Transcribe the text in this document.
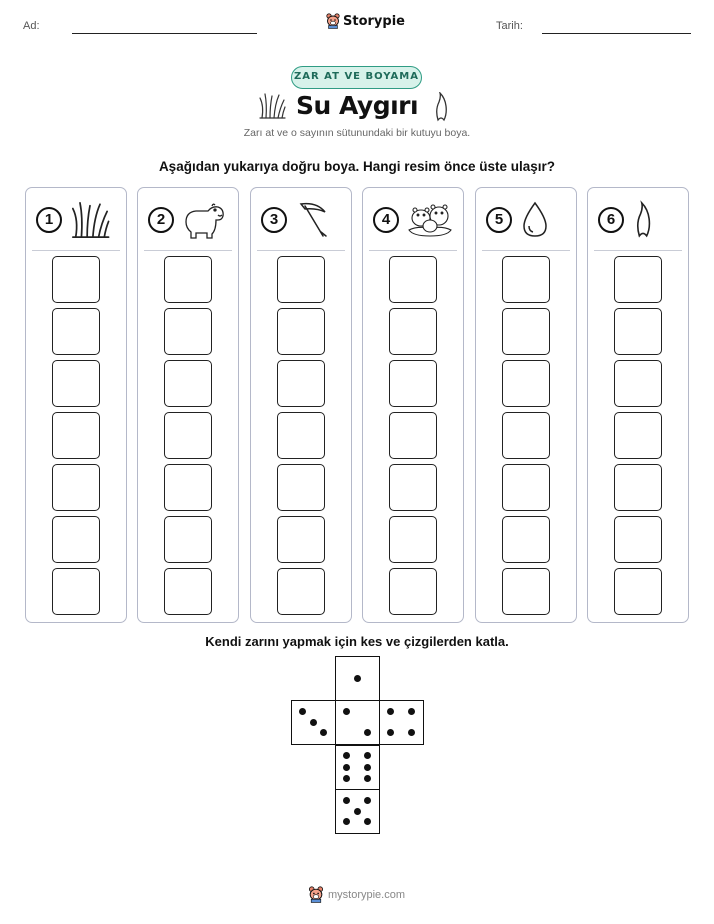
Ad:	Storypie	Tarih:
ZAR AT VE BOYAMA
Su Aygırı
Zarı at ve o sayının sütunundaki bir kutuyu boya.
Aşağıdan yukarıya doğru boya. Hangi resim önce üste ulaşır?
1	2	3	4	5	6
Kendi zarını yapmak için kes ve çizgilerden katla.
mystorypie.com
